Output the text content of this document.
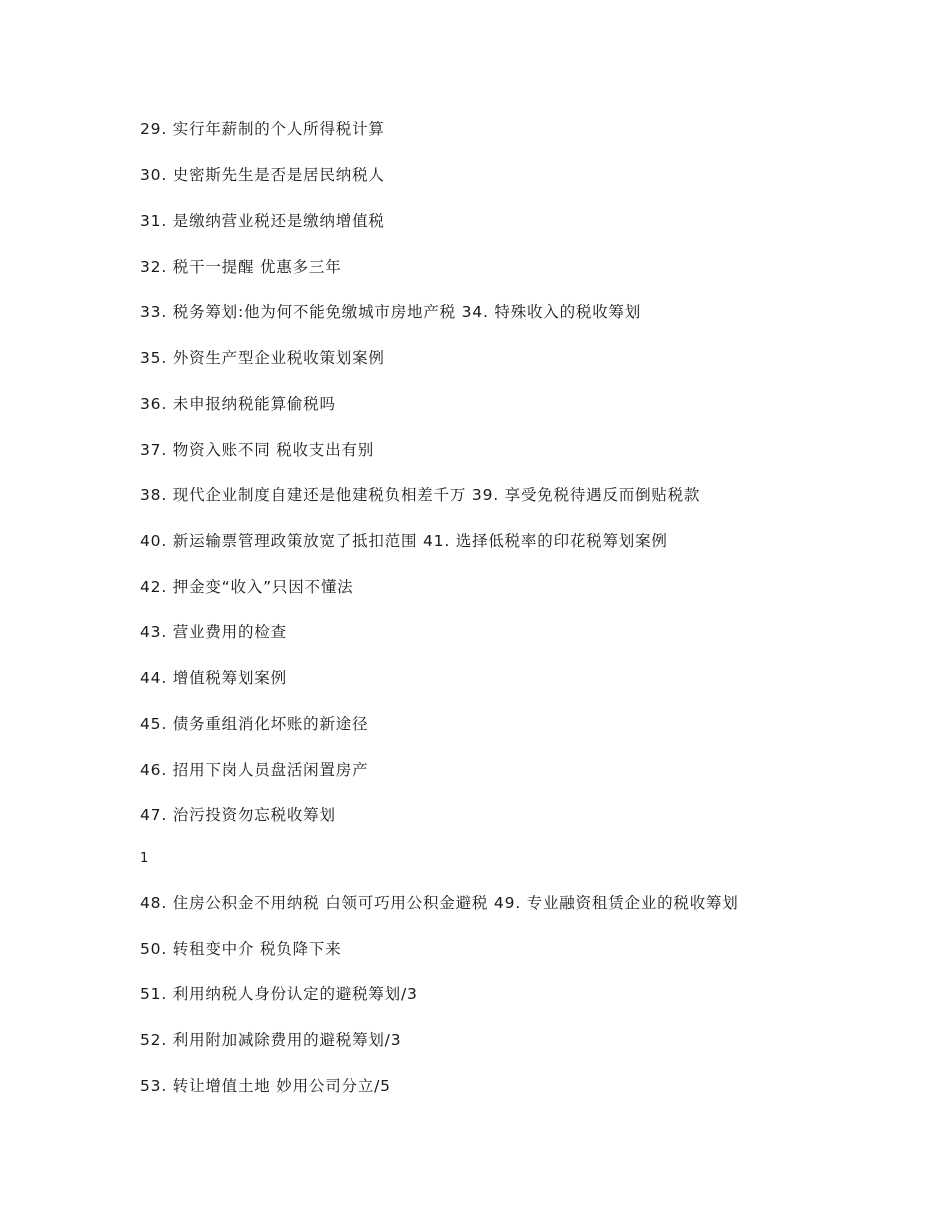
29. 实行年薪制的个人所得税计算
30. 史密斯先生是否是居民纳税人
31. 是缴纳营业税还是缴纳增值税
32. 税干一提醒 优惠多三年
33. 税务筹划:他为何不能免缴城市房地产税 34. 特殊收入的税收筹划
35. 外资生产型企业税收策划案例
36. 未申报纳税能算偷税吗
37. 物资入账不同 税收支出有别
38. 现代企业制度自建还是他建税负相差千万 39. 享受免税待遇反而倒贴税款
40. 新运输票管理政策放宽了抵扣范围 41. 选择低税率的印花税筹划案例
42. 押金变“收入”只因不懂法
43. 营业费用的检查
44. 增值税筹划案例
45. 债务重组消化坏账的新途径
46. 招用下岗人员盘活闲置房产
47. 治污投资勿忘税收筹划
1
48. 住房公积金不用纳税 白领可巧用公积金避税 49. 专业融资租赁企业的税收筹划
50. 转租变中介 税负降下来
51. 利用纳税人身份认定的避税筹划/3
52. 利用附加减除费用的避税筹划/3
53. 转让增值土地 妙用公司分立/5
